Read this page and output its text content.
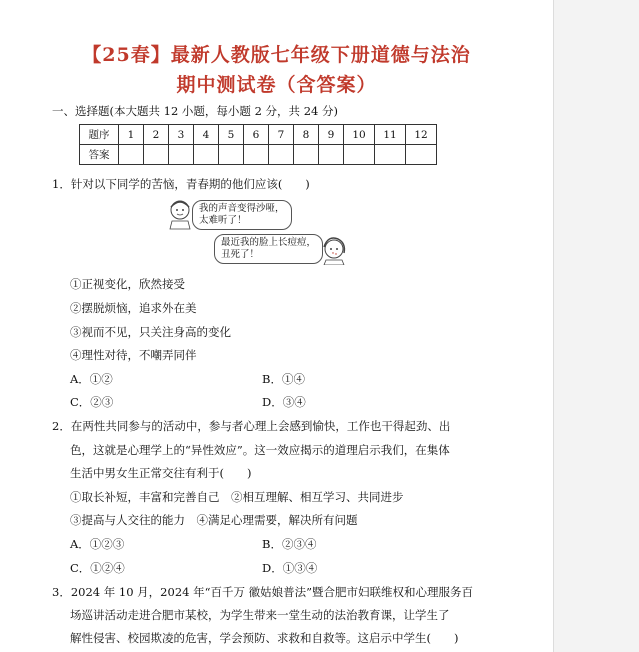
【25春】最新人教版七年级下册道德与法治
期中测试卷（含答案）
一、选择题(本大题共 12 小题，每小题 2 分，共 24 分)
题序	1	2	3	4	5	6	7	8	9	10	11	12
答案												
1．针对以下同学的苦恼，青春期的他们应该(　　)
我的声音变得沙哑，
太难听了！
最近我的脸上长痘痘，
丑死了！
①正视变化，欣然接受
②摆脱烦恼，追求外在美
③视而不见，只关注身高的变化
④理性对待，不嘲弄同伴
A．①②	B．①④
C．②③	D．③④
2．在两性共同参与的活动中，参与者心理上会感到愉快，工作也干得起劲、出
色，这就是心理学上的“异性效应”。这一效应揭示的道理启示我们，在集体
生活中男女生正常交往有利于(　　)
①取长补短，丰富和完善自己　②相互理解、相互学习、共同进步
③提高与人交往的能力　④满足心理需要，解决所有问题
A．①②③	B．②③④
C．①②④	D．①③④
3．2024 年 10 月，2024 年“百千万 徽姑娘普法”暨合肥市妇联维权和心理服务百
场巡讲活动走进合肥市某校，为学生带来一堂生动的法治教育课，让学生了
解性侵害、校园欺凌的危害，学会预防、求救和自救等。这启示中学生(　　)
